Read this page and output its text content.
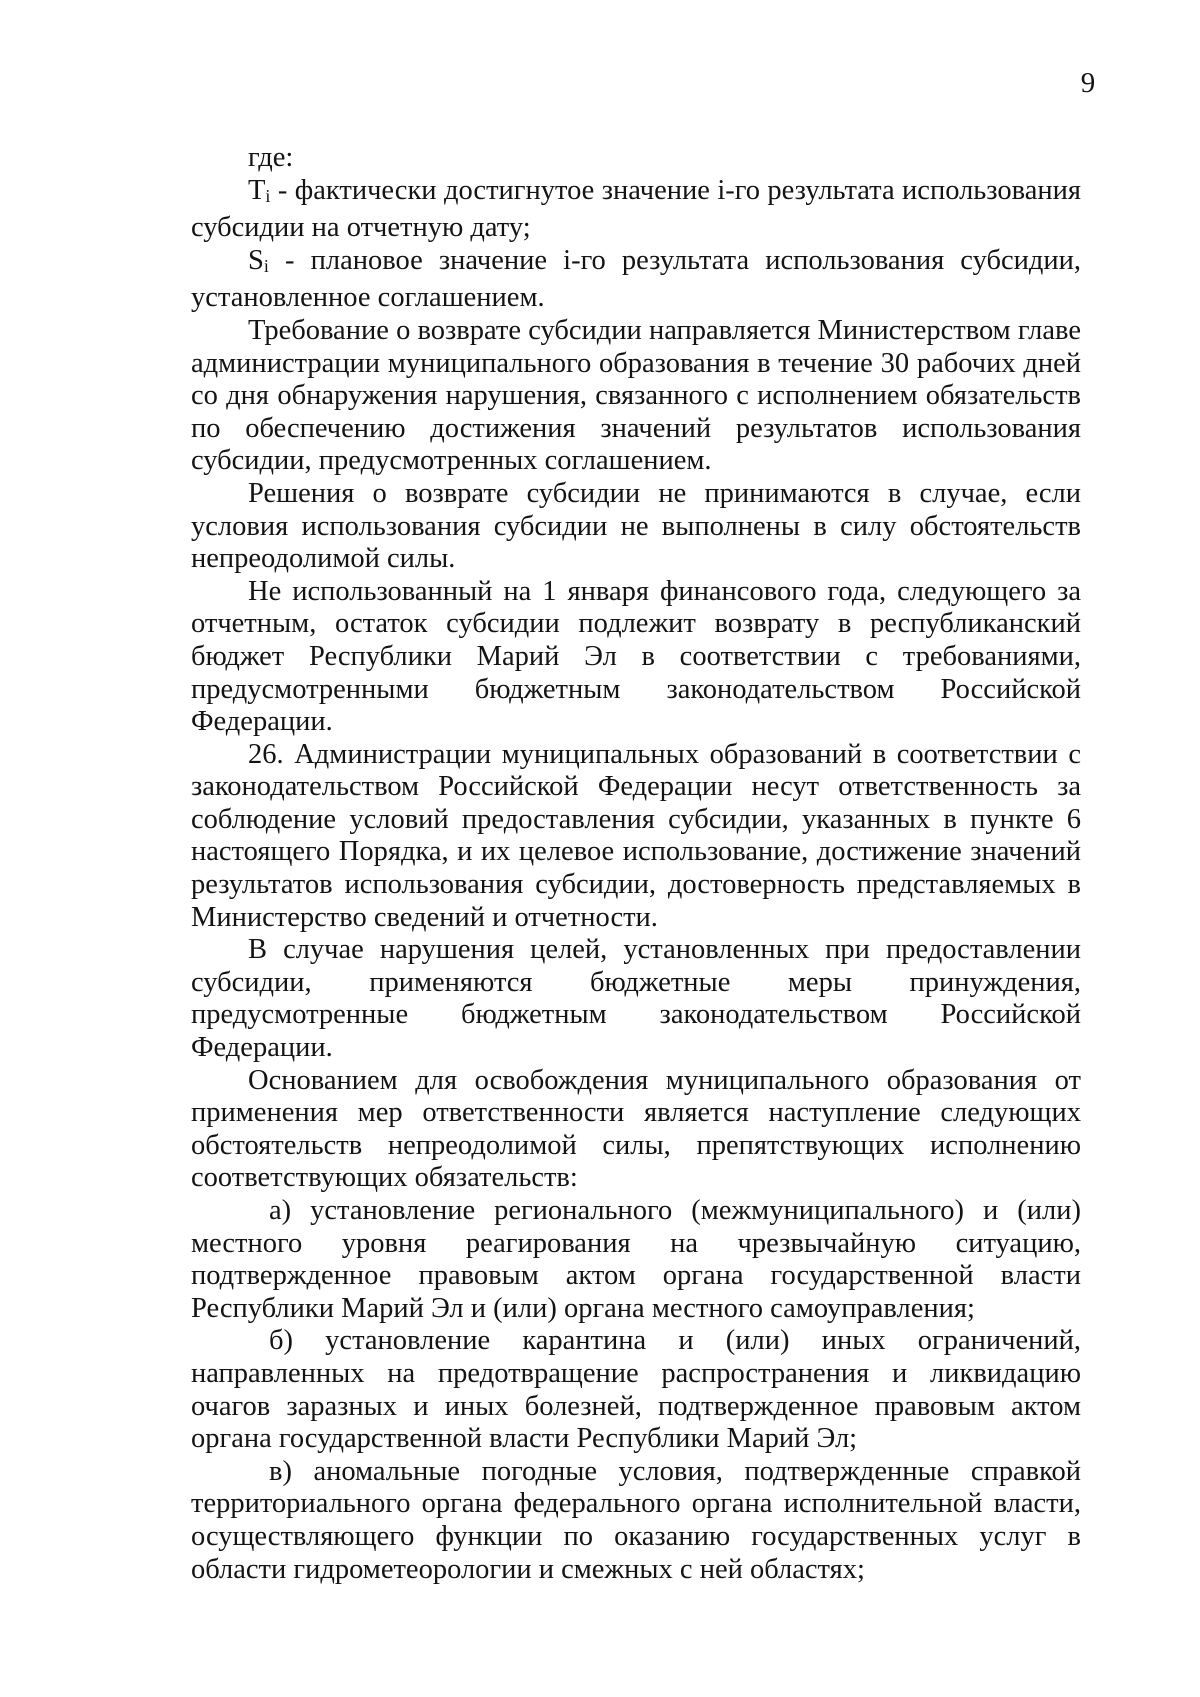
9

где:

Ti - фактически достигнутое значение i-го результата использования субсидии на отчетную дату;

Si - плановое значение i-го результата использования субсидии, установленное соглашением.

Требование о возврате субсидии направляется Министерством главе администрации муниципального образования в течение 30 рабочих дней со дня обнаружения нарушения, связанного с исполнением обязательств по обеспечению достижения значений результатов использования субсидии, предусмотренных соглашением.

Решения о возврате субсидии не принимаются в случае, если условия использования субсидии не выполнены в силу обстоятельств непреодолимой силы.

Не использованный на 1 января финансового года, следующего за отчетным, остаток субсидии подлежит возврату в республиканский бюджет Республики Марий Эл в соответствии с требованиями, предусмотренными бюджетным законодательством Российской Федерации.

26. Администрации муниципальных образований в соответствии с законодательством Российской Федерации несут ответственность за соблюдение условий предоставления субсидии, указанных в пункте 6 настоящего Порядка, и их целевое использование, достижение значений результатов использования субсидии, достоверность представляемых в Министерство сведений и отчетности.

В случае нарушения целей, установленных при предоставлении субсидии, применяются бюджетные меры принуждения, предусмотренные бюджетным законодательством Российской Федерации.

Основанием для освобождения муниципального образования от применения мер ответственности является наступление следующих обстоятельств непреодолимой силы, препятствующих исполнению соответствующих обязательств:

а) установление регионального (межмуниципального) и (или) местного уровня реагирования на чрезвычайную ситуацию, подтвержденное правовым актом органа государственной власти Республики Марий Эл и (или) органа местного самоуправления;

б) установление карантина и (или) иных ограничений, направленных на предотвращение распространения и ликвидацию очагов заразных и иных болезней, подтвержденное правовым актом органа государственной власти Республики Марий Эл;

в) аномальные погодные условия, подтвержденные справкой территориального органа федерального органа исполнительной власти, осуществляющего функции по оказанию государственных услуг в области гидрометеорологии и смежных с ней областях;
